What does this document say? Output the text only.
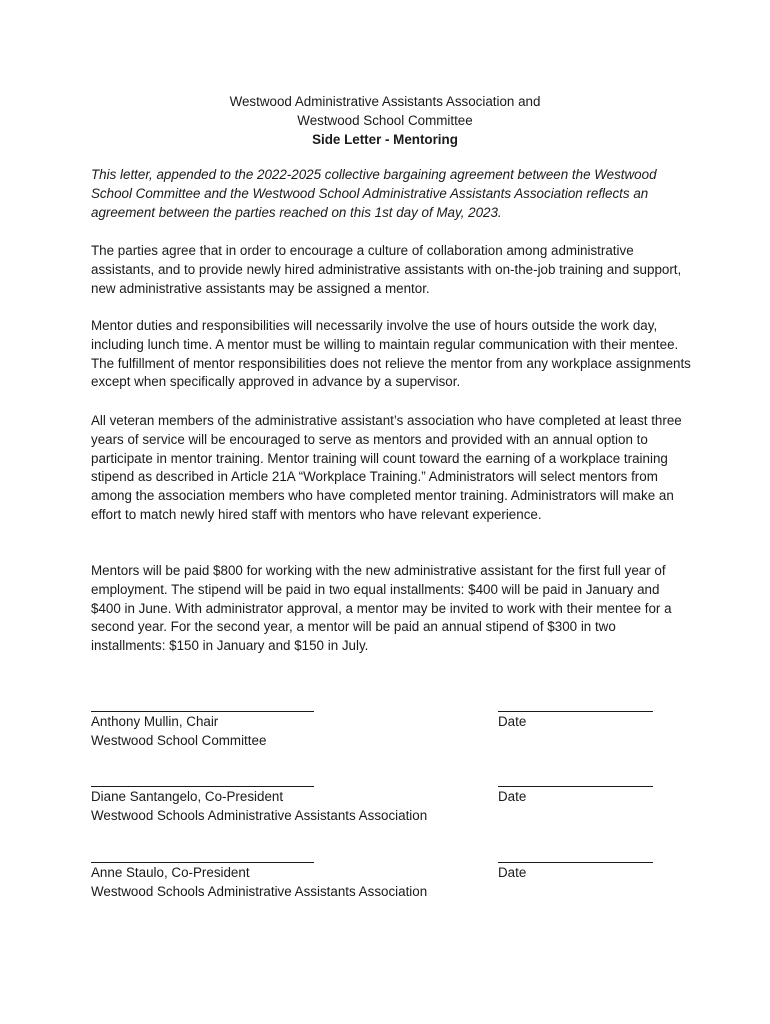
Westwood Administrative Assistants Association and
Westwood School Committee
Side Letter - Mentoring

This letter, appended to the 2022-2025 collective bargaining agreement between the Westwood School Committee and the Westwood School Administrative Assistants Association reflects an agreement between the parties reached on this 1st day of May, 2023.

The parties agree that in order to encourage a culture of collaboration among administrative assistants, and to provide newly hired administrative assistants with on-the-job training and support, new administrative assistants may be assigned a mentor.

Mentor duties and responsibilities will necessarily involve the use of hours outside the work day, including lunch time. A mentor must be willing to maintain regular communication with their mentee. The fulfillment of mentor responsibilities does not relieve the mentor from any workplace assignments except when specifically approved in advance by a supervisor.

All veteran members of the administrative assistant’s association who have completed at least three years of service will be encouraged to serve as mentors and provided with an annual option to participate in mentor training. Mentor training will count toward the earning of a workplace training stipend as described in Article 21A “Workplace Training.” Administrators will select mentors from among the association members who have completed mentor training. Administrators will make an effort to match newly hired staff with mentors who have relevant experience.

Mentors will be paid $800 for working with the new administrative assistant for the first full year of employment. The stipend will be paid in two equal installments: $400 will be paid in January and $400 in June. With administrator approval, a mentor may be invited to work with their mentee for a second year. For the second year, a mentor will be paid an annual stipend of $300 in two installments: $150 in January and $150 in July.

Anthony Mullin, Chair
Westwood School Committee
Date
Diane Santangelo, Co-President
Westwood Schools Administrative Assistants Association
Date
Anne Staulo, Co-President
Westwood Schools Administrative Assistants Association
Date
